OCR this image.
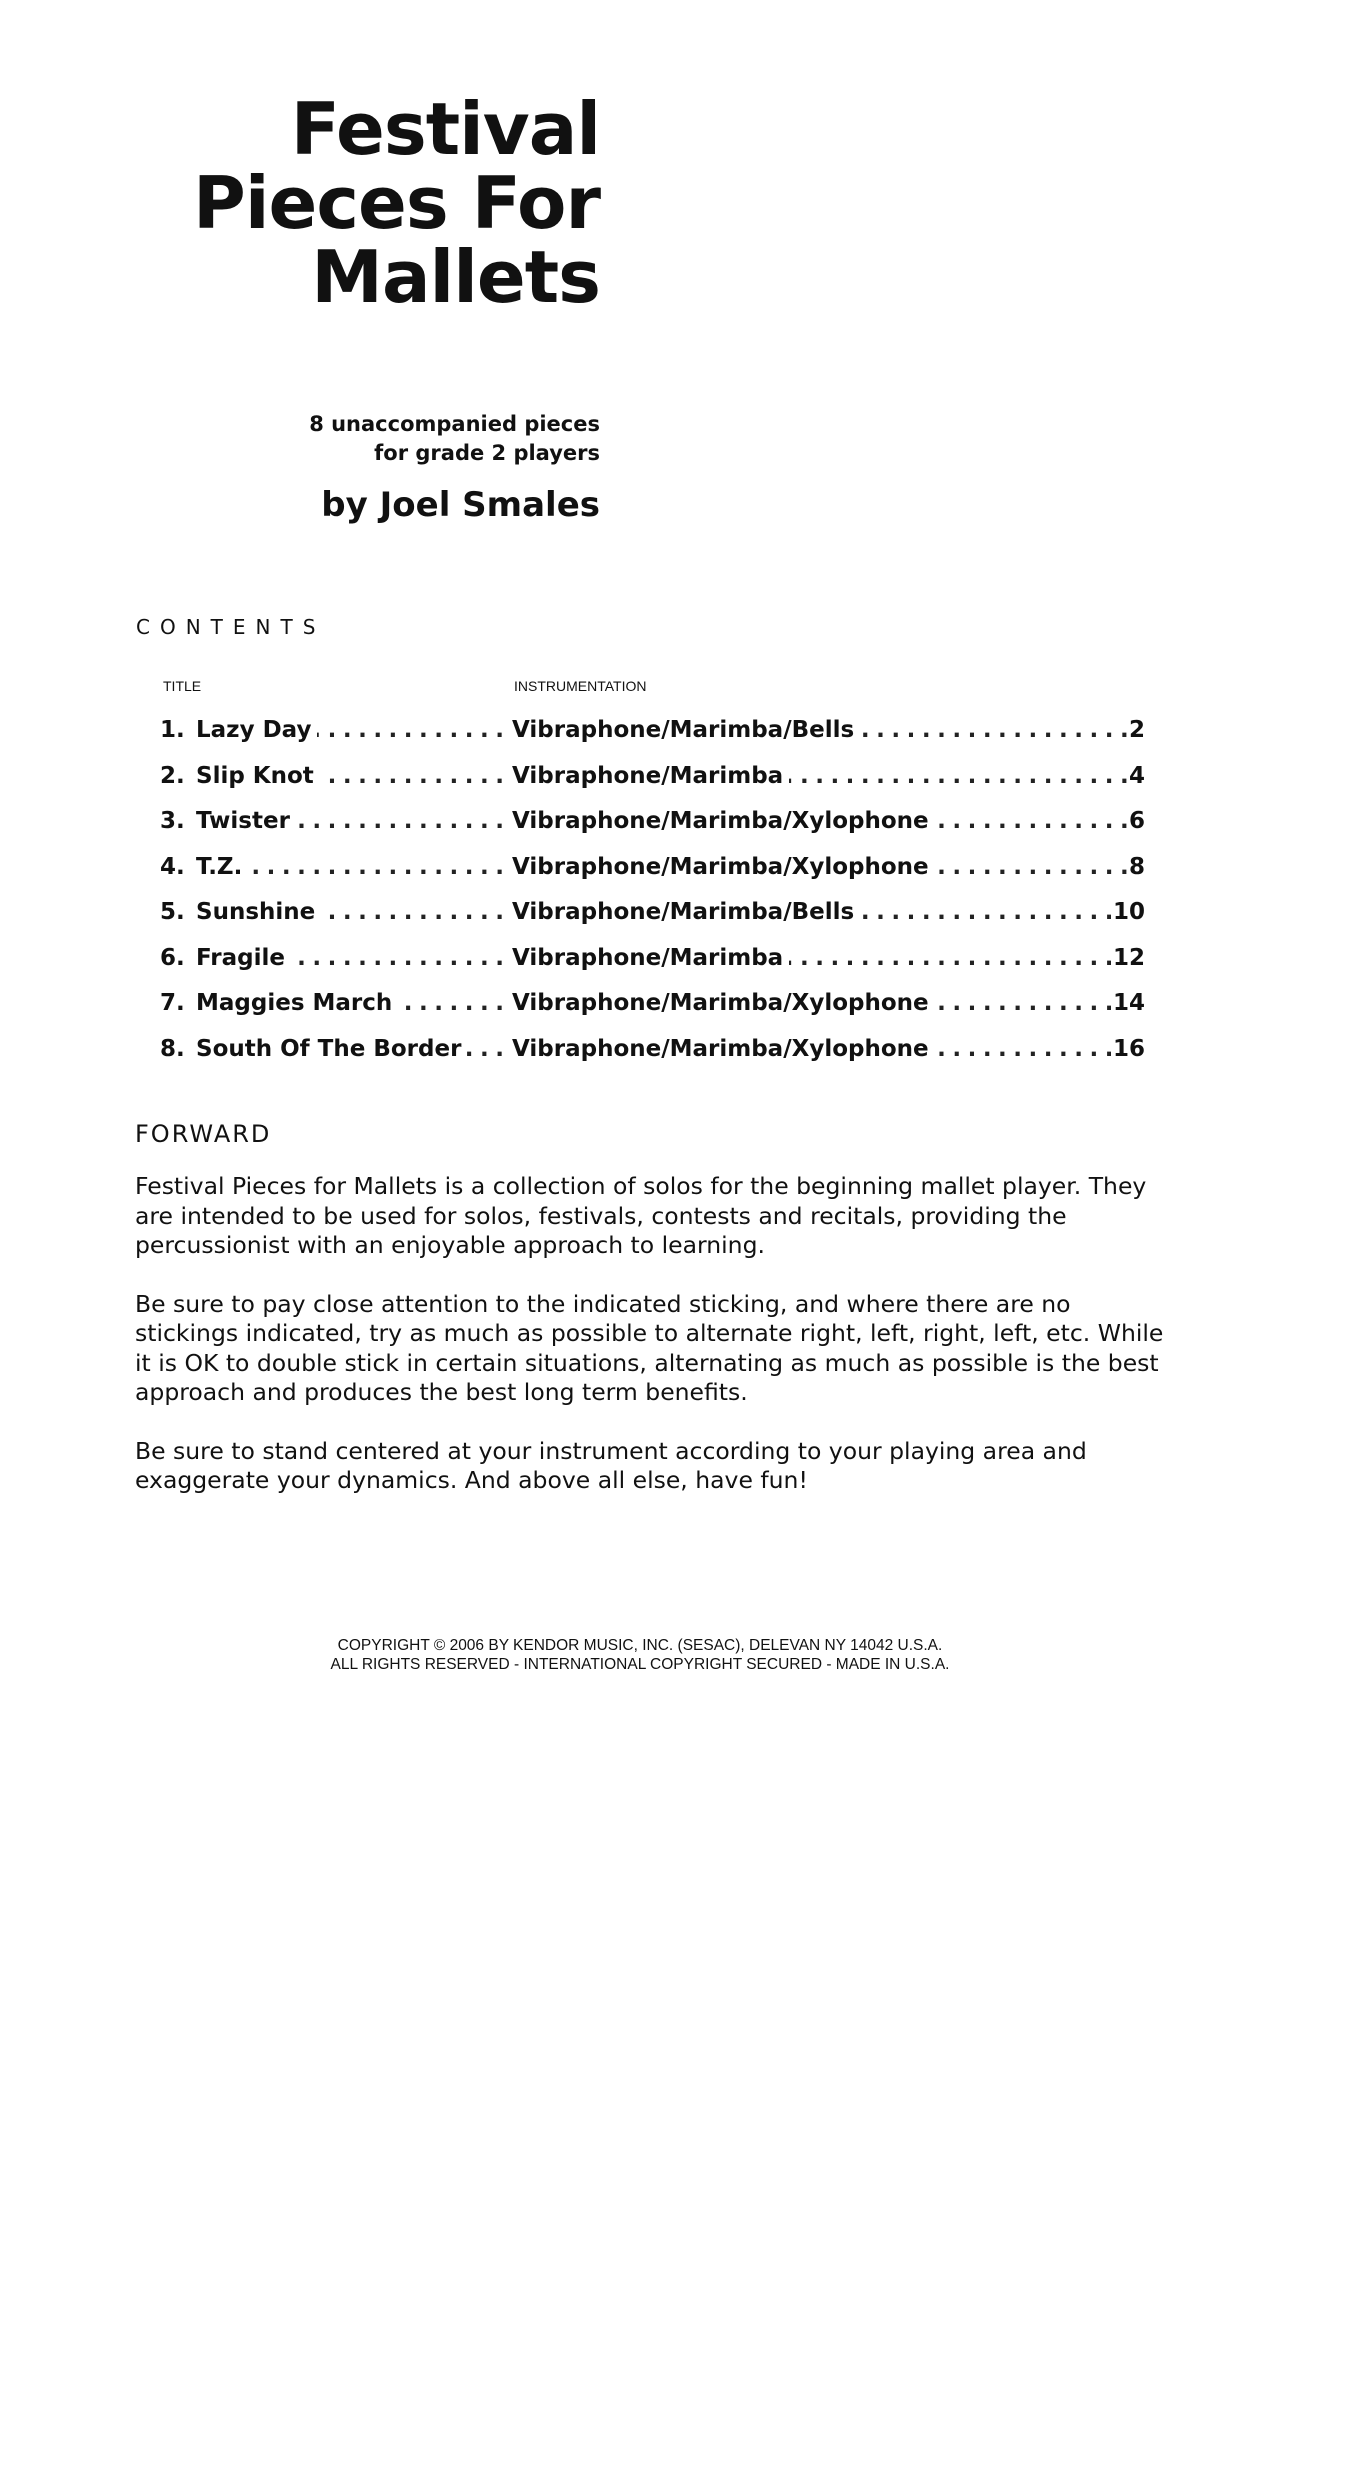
Festival
Pieces For
Mallets
8 unaccompanied pieces
for grade 2 players
by Joel Smales
CONTENTS
TITLE	INSTRUMENTATION
1. Lazy Day	Vibraphone/Marimba/Bells	2
2. Slip Knot	Vibraphone/Marimba	4
3. Twister	Vibraphone/Marimba/Xylophone	6
4. T.Z.	Vibraphone/Marimba/Xylophone	8
5. Sunshine	Vibraphone/Marimba/Bells	10
6. Fragile	Vibraphone/Marimba	12
7. Maggies March	Vibraphone/Marimba/Xylophone	14
8. South Of The Border Vibraphone/Marimba/Xylophone	16
FORWARD

Festival Pieces for Mallets is a collection of solos for the beginning mallet player. They are intended to be used for solos, festivals, contests and recitals, providing the percussionist with an enjoyable approach to learning.

Be sure to pay close attention to the indicated sticking, and where there are no stickings indicated, try as much as possible to alternate right, left, right, left, etc. While it is OK to double stick in certain situations, alternating as much as possible is the best approach and produces the best long term benefits.

Be sure to stand centered at your instrument according to your playing area and exaggerate your dynamics. And above all else, have fun!

COPYRIGHT © 2006 BY KENDOR MUSIC, INC. (SESAC), DELEVAN NY 14042 U.S.A.
ALL RIGHTS RESERVED - INTERNATIONAL COPYRIGHT SECURED - MADE IN U.S.A.
